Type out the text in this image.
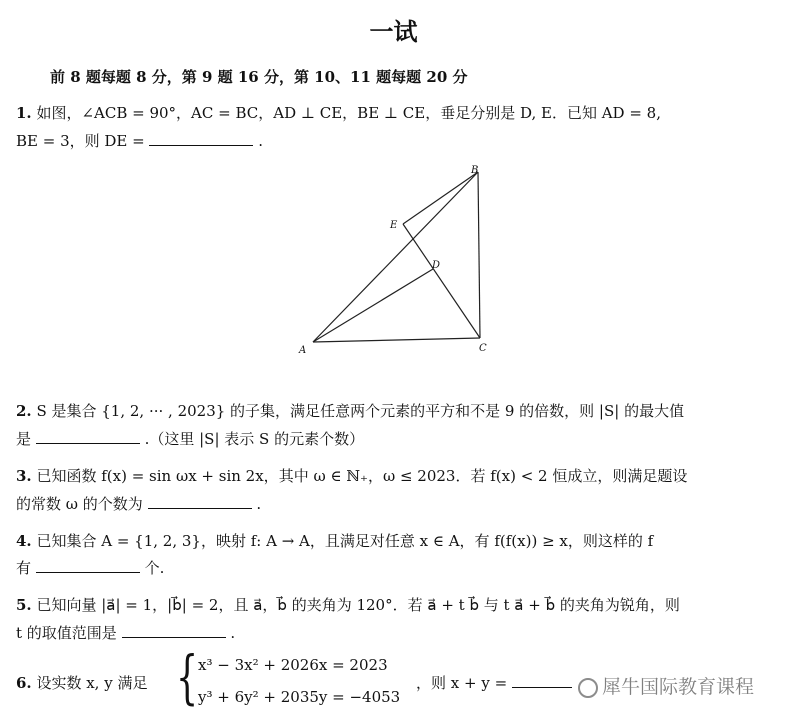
一试
前 8 题每题 8 分，第 9 题 16 分，第 10、11 题每题 20 分
1. 如图，∠ACB = 90°，AC = BC，AD ⊥ CE，BE ⊥ CE，垂足分别是 D, E．已知 AD = 8,
BE = 3，则 DE =	.
B
E
D
A	C
2. S 是集合 {1, 2, ··· , 2023} 的子集，满足任意两个元素的平方和不是 9 的倍数，则 |S| 的最大值
是	.（这里 |S| 表示 S 的元素个数）
3. 已知函数 f(x) = sin ωx + sin 2x，其中 ω ∈ ℕ₊，ω ≤ 2023．若 f(x) < 2 恒成立，则满足题设
的常数 ω 的个数为	.
4. 已知集合 A = {1, 2, 3}，映射 f: A → A，且满足对任意 x ∈ A，有 f(f(x)) ≥ x，则这样的 f
有	个.
5. 已知向量 |a⃗| = 1，|b⃗| = 2，且 a⃗，b⃗ 的夹角为 120°．若 a⃗ + t b⃗ 与 t a⃗ + b⃗ 的夹角为锐角，则
t 的取值范围是	.
6. 设实数 x, y 满足 { x³ − 3x² + 2026x = 2023
y³ + 6y² + 2035y = −4053
，则 x + y =	犀牛国际教育课程
